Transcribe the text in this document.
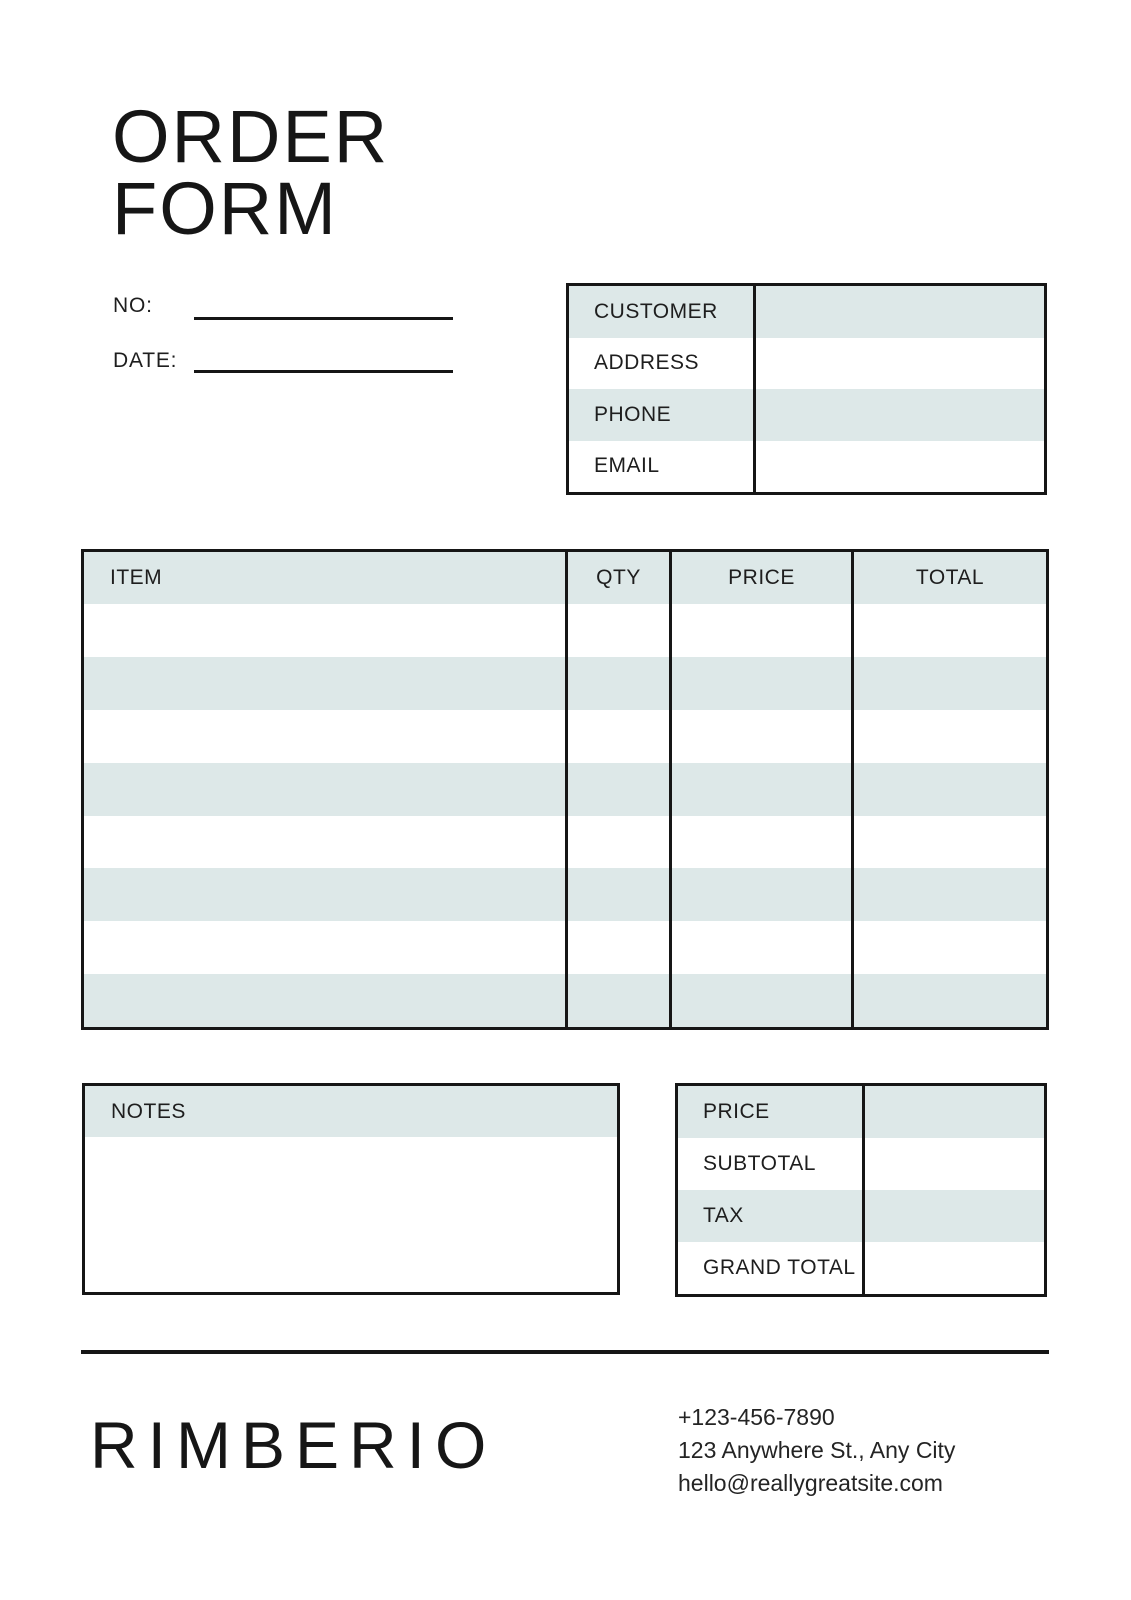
ORDER
FORM
NO:
DATE:
CUSTOMER
ADDRESS
PHONE
EMAIL
ITEM	QTY	PRICE	TOTAL
NOTES	PRICE
SUBTOTAL
TAX
GRAND TOTAL
RIMBERIO	+123-456-7890
123 Anywhere St., Any City
hello@reallygreatsite.com
